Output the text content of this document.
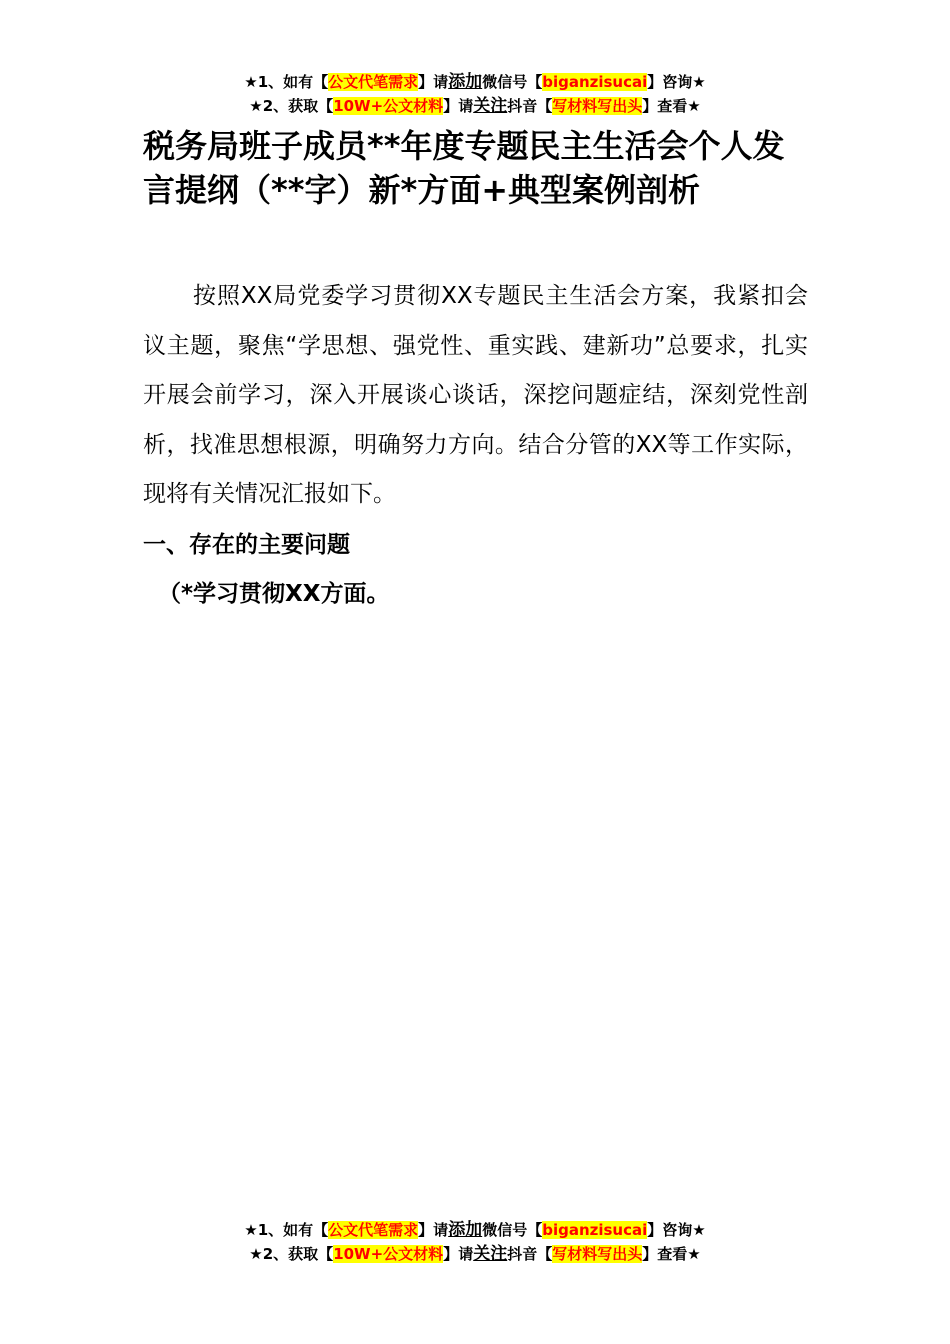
★1、如有【公文代笔需求】请添加微信号【biganzisucai】咨询★
★2、获取【10W+公文材料】请关注抖音【写材料写出头】查看★
税务局班子成员**年度专题民主生活会个人发言提纲（**字）新*方面+典型案例剖析

按照XX局党委学习贯彻XX专题民主生活会方案，我紧扣会议主题，聚焦“学思想、强党性、重实践、建新功”总要求，扎实开展会前学习，深入开展谈心谈话，深挖问题症结，深刻党性剖析，找准思想根源，明确努力方向。结合分管的XX等工作实际，现将有关情况汇报如下。

一、存在的主要问题
（*学习贯彻XX方面。
★1、如有【公文代笔需求】请添加微信号【biganzisucai】咨询★
★2、获取【10W+公文材料】请关注抖音【写材料写出头】查看★
